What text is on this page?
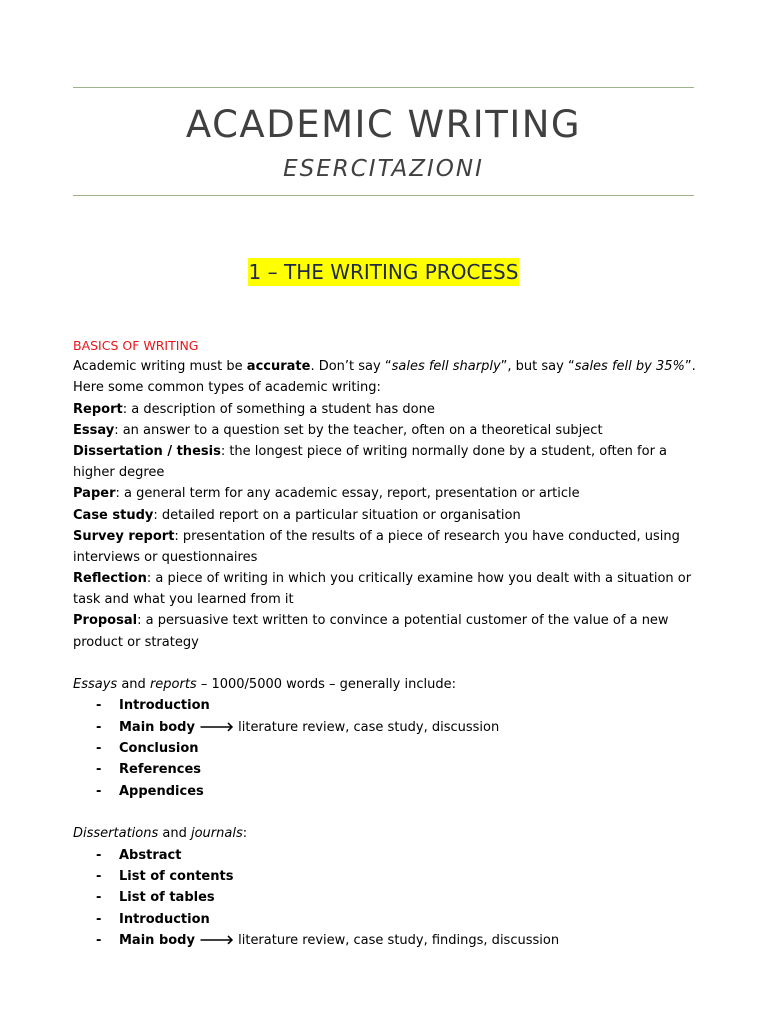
ACADEMIC WRITING
ESERCITAZIONI
1 – THE WRITING PROCESS
BASICS OF WRITING
Academic writing must be accurate. Don’t say “sales fell sharply”, but say “sales fell by 35%”.
Here some common types of academic writing:
Report: a description of something a student has done
Essay: an answer to a question set by the teacher, often on a theoretical subject
Dissertation / thesis: the longest piece of writing normally done by a student, often for a
higher degree
Paper: a general term for any academic essay, report, presentation or article
Case study: detailed report on a particular situation or organisation
Survey report: presentation of the results of a piece of research you have conducted, using
interviews or questionnaires
Reflection: a piece of writing in which you critically examine how you dealt with a situation or
task and what you learned from it
Proposal: a persuasive text written to convince a potential customer of the value of a new
product or strategy
Essays and reports – 1000/5000 words – generally include:
- Introduction
- Main body 🡒 literature review, case study, discussion
- Conclusion
- References
- Appendices
Dissertations and journals:
- Abstract
- List of contents
- List of tables
- Introduction
- Main body 🡒 literature review, case study, findings, discussion
